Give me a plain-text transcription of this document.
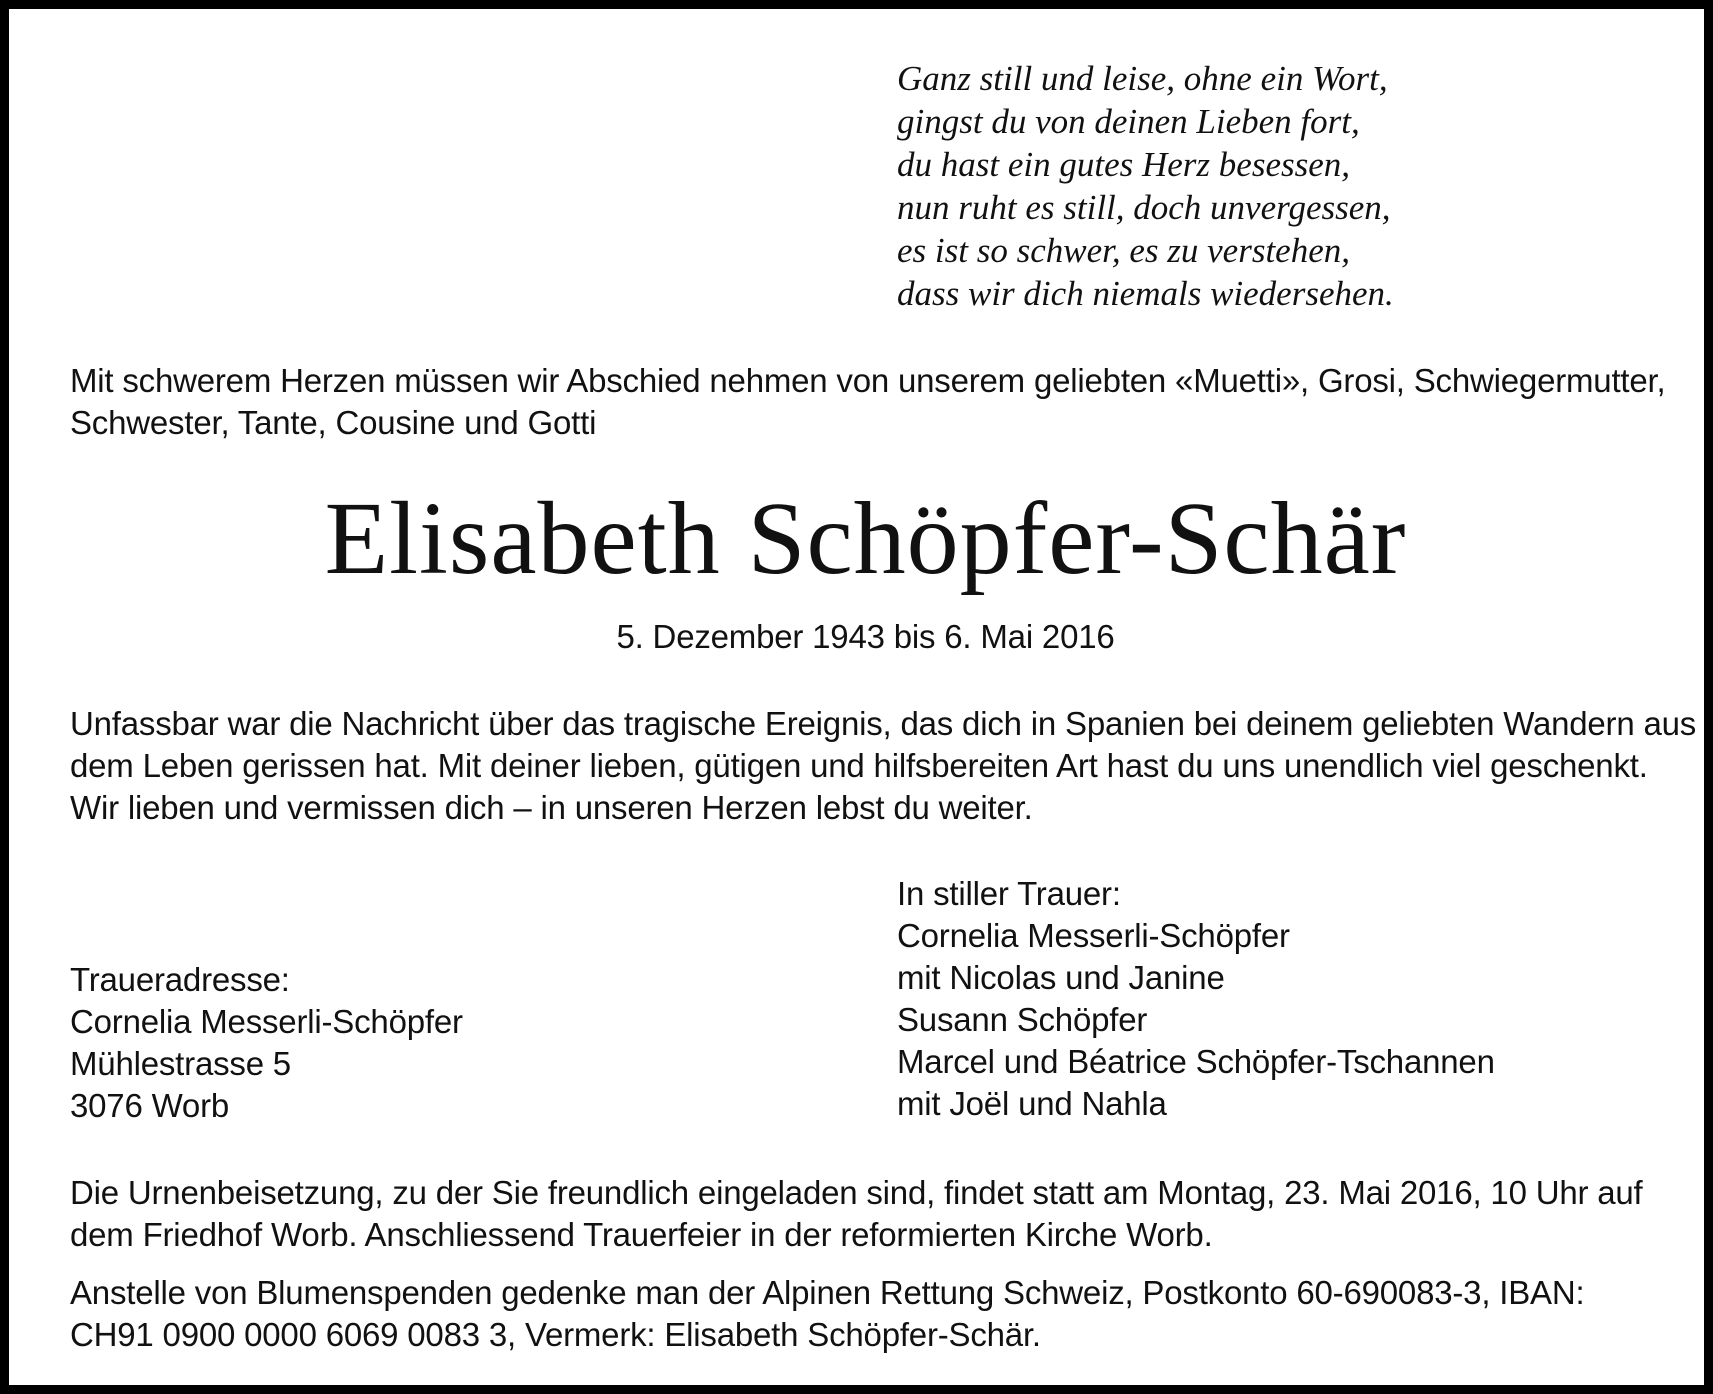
Ganz still und leise, ohne ein Wort,
gingst du von deinen Lieben fort,
du hast ein gutes Herz besessen,
nun ruht es still, doch unvergessen,
es ist so schwer, es zu verstehen,
dass wir dich niemals wiedersehen.
Mit schwerem Herzen müssen wir Abschied nehmen von unserem geliebten «Muetti», Grosi, Schwiegermutter,
Schwester, Tante, Cousine und Gotti
Elisabeth Schöpfer-Schär
5. Dezember 1943 bis 6. Mai 2016
Unfassbar war die Nachricht über das tragische Ereignis, das dich in Spanien bei deinem geliebten Wandern aus
dem Leben gerissen hat. Mit deiner lieben, gütigen und hilfsbereiten Art hast du uns unendlich viel geschenkt.
Wir lieben und vermissen dich – in unseren Herzen lebst du weiter.
In stiller Trauer:
Cornelia Messerli-Schöpfer
mit Nicolas und Janine
Susann Schöpfer
Marcel und Béatrice Schöpfer-Tschannen
mit Joël und Nahla
Traueradresse:
Cornelia Messerli-Schöpfer
Mühlestrasse 5
3076 Worb
Die Urnenbeisetzung, zu der Sie freundlich eingeladen sind, findet statt am Montag, 23. Mai 2016, 10 Uhr auf
dem Friedhof Worb. Anschliessend Trauerfeier in der reformierten Kirche Worb.
Anstelle von Blumenspenden gedenke man der Alpinen Rettung Schweiz, Postkonto 60-690083-3, IBAN:
CH91 0900 0000 6069 0083 3, Vermerk: Elisabeth Schöpfer-Schär.
